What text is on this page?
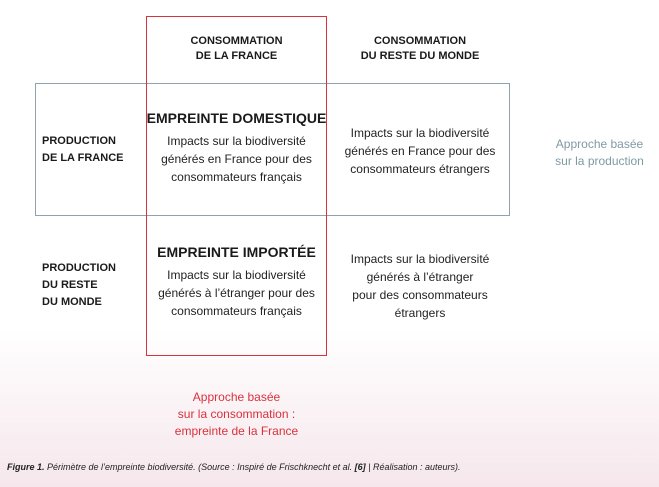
CONSOMMATION
DE LA FRANCE
CONSOMMATION
DU RESTE DU MONDE
PRODUCTION
DE LA FRANCE
PRODUCTION
DU RESTE
DU MONDE
EMPREINTE DOMESTIQUE
Impacts sur la biodiversité
générés en France pour des
consommateurs français
Impacts sur la biodiversité
générés en France pour des
consommateurs étrangers
EMPREINTE IMPORTÉE
Impacts sur la biodiversité
générés à l’étranger pour des
consommateurs français
Impacts sur la biodiversité
générés à l’étranger
pour des consommateurs
étrangers
Approche basée
sur la production
Approche basée
sur la consommation :
empreinte de la France
Figure 1. Périmètre de l’empreinte biodiversité. (Source : Inspiré de Frischknecht et al. [6] | Réalisation : auteurs).
